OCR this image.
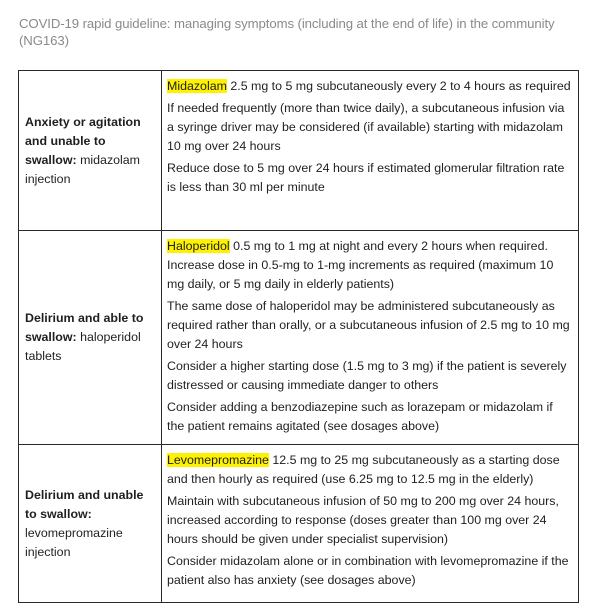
COVID-19 rapid guideline: managing symptoms (including at the end of life) in the community (NG163)
Anxiety or agitation and unable to swallow: midazolam injection	Midazolam 2.5 mg to 5 mg subcutaneously every 2 to 4 hours as required

If needed frequently (more than twice daily), a subcutaneous infusion via a syringe driver may be considered (if available) starting with midazolam 10 mg over 24 hours

Reduce dose to 5 mg over 24 hours if estimated glomerular filtration rate is less than 30 ml per minute

Delirium and able to swallow: haloperidol tablets	Haloperidol 0.5 mg to 1 mg at night and every 2 hours when required. Increase dose in 0.5-mg to 1-mg increments as required (maximum 10 mg daily, or 5 mg daily in elderly patients)

The same dose of haloperidol may be administered subcutaneously as required rather than orally, or a subcutaneous infusion of 2.5 mg to 10 mg over 24 hours

Consider a higher starting dose (1.5 mg to 3 mg) if the patient is severely distressed or causing immediate danger to others

Consider adding a benzodiazepine such as lorazepam or midazolam if the patient remains agitated (see dosages above)

Delirium and unable to swallow: levomepromazine injection	Levomepromazine 12.5 mg to 25 mg subcutaneously as a starting dose and then hourly as required (use 6.25 mg to 12.5 mg in the elderly)

Maintain with subcutaneous infusion of 50 mg to 200 mg over 24 hours, increased according to response (doses greater than 100 mg over 24 hours should be given under specialist supervision)

Consider midazolam alone or in combination with levomepromazine if the patient also has anxiety (see dosages above)
